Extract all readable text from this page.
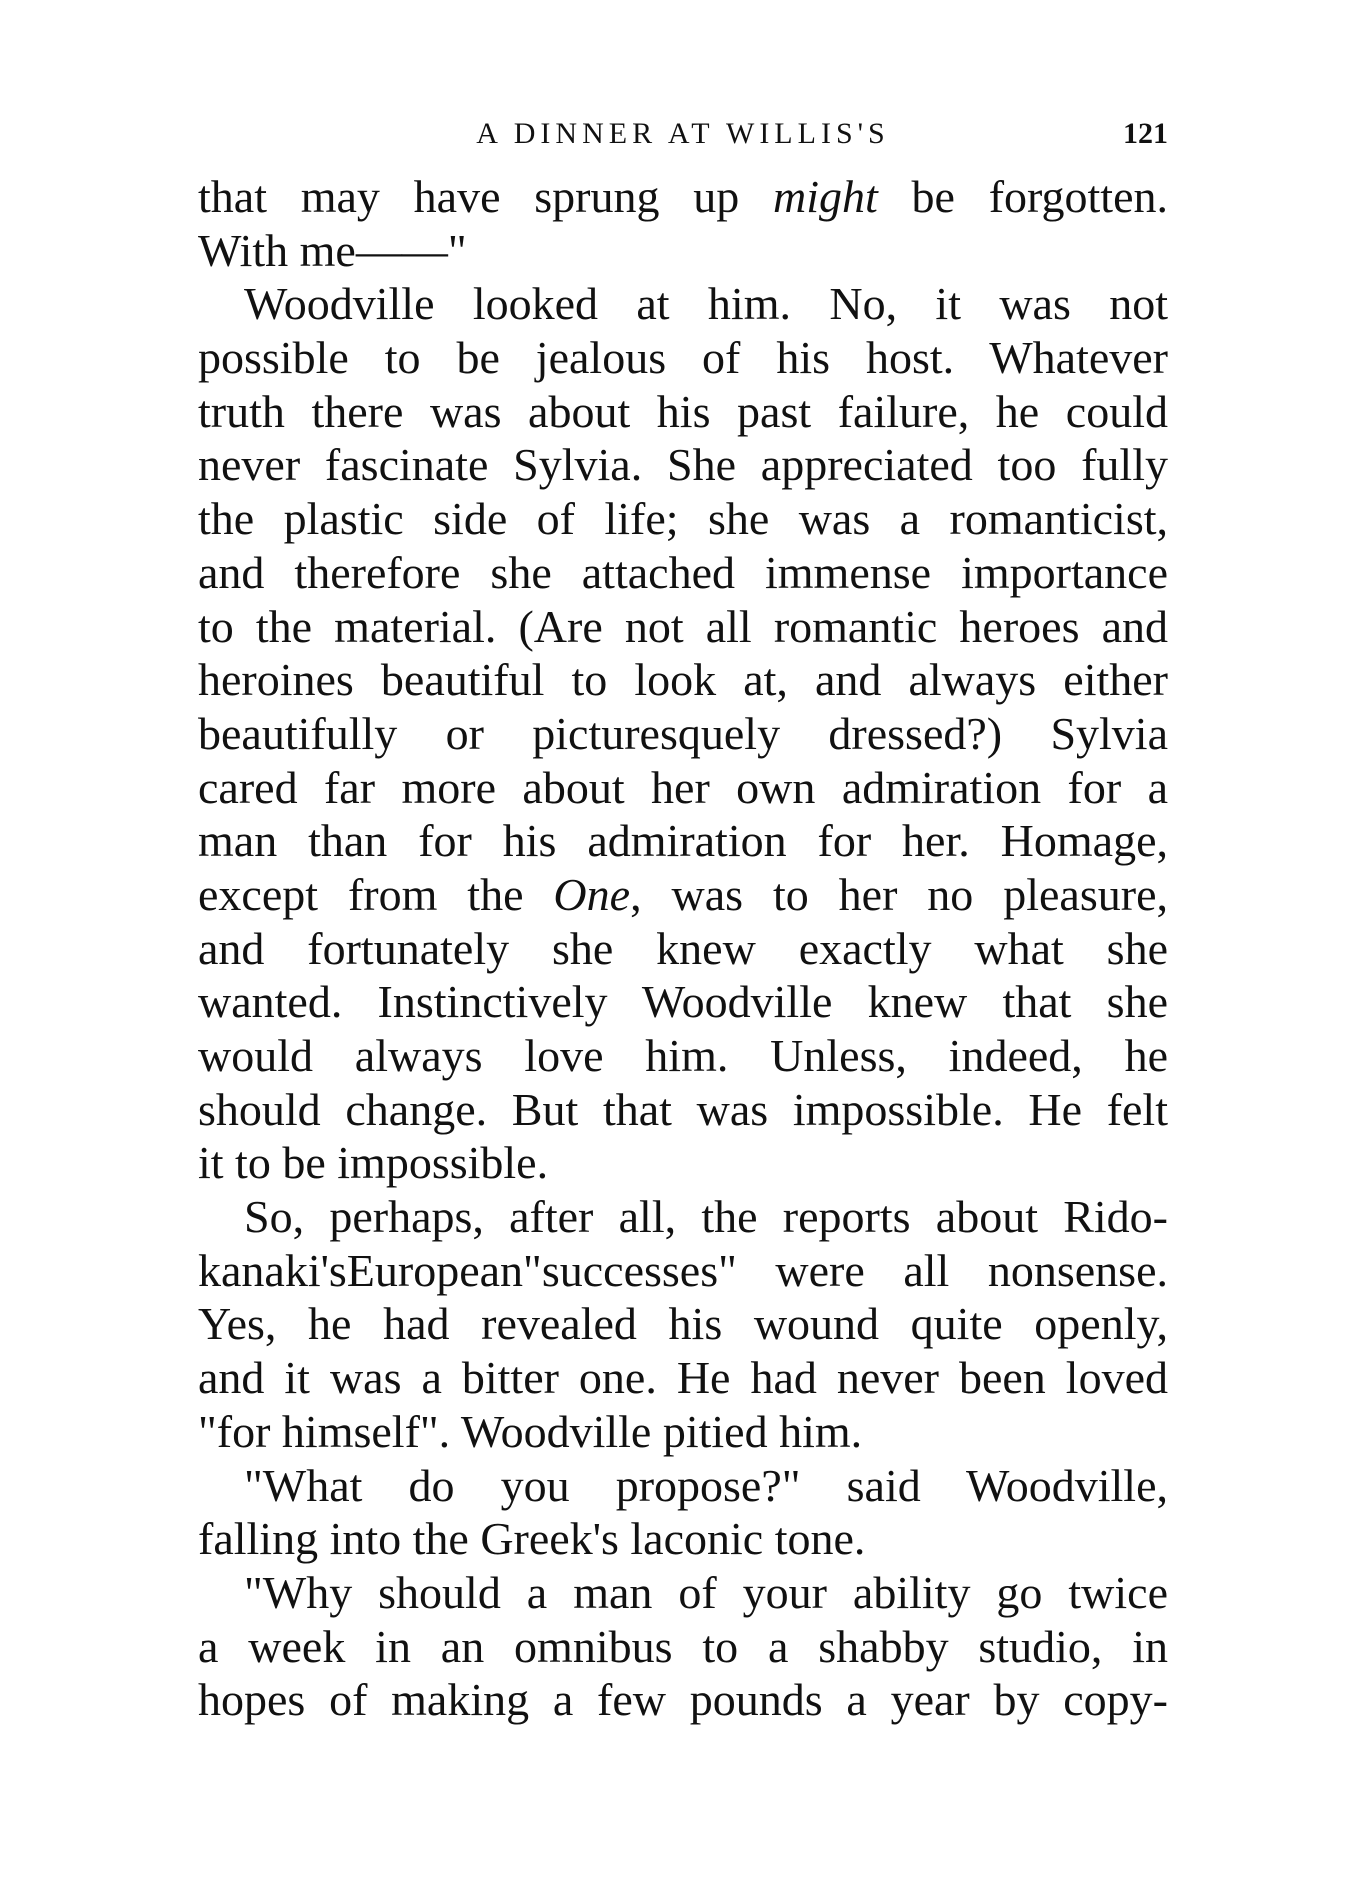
A DINNER AT WILLIS'S	121
that may have sprung up might be forgotten.
With me——"
Woodville looked at him. No, it was not
possible to be jealous of his host. Whatever
truth there was about his past failure, he could
never fascinate Sylvia. She appreciated too fully
the plastic side of life; she was a romanticist,
and therefore she attached immense importance
to the material. (Are not all romantic heroes and
heroines beautiful to look at, and always either
beautifully or picturesquely dressed?) Sylvia
cared far more about her own admiration for a
man than for his admiration for her. Homage,
except from the One, was to her no pleasure,
and fortunately she knew exactly what she
wanted. Instinctively Woodville knew that she
would always love him. Unless, indeed, he
should change. But that was impossible. He felt
it to be impossible.
So, perhaps, after all, the reports about Rido-
kanaki'sEuropean"successes" were all nonsense.
Yes, he had revealed his wound quite openly,
and it was a bitter one. He had never been loved
"for himself". Woodville pitied him.
"What do you propose?" said Woodville,
falling into the Greek's laconic tone.
"Why should a man of your ability go twice
a week in an omnibus to a shabby studio, in
hopes of making a few pounds a year by copy-
